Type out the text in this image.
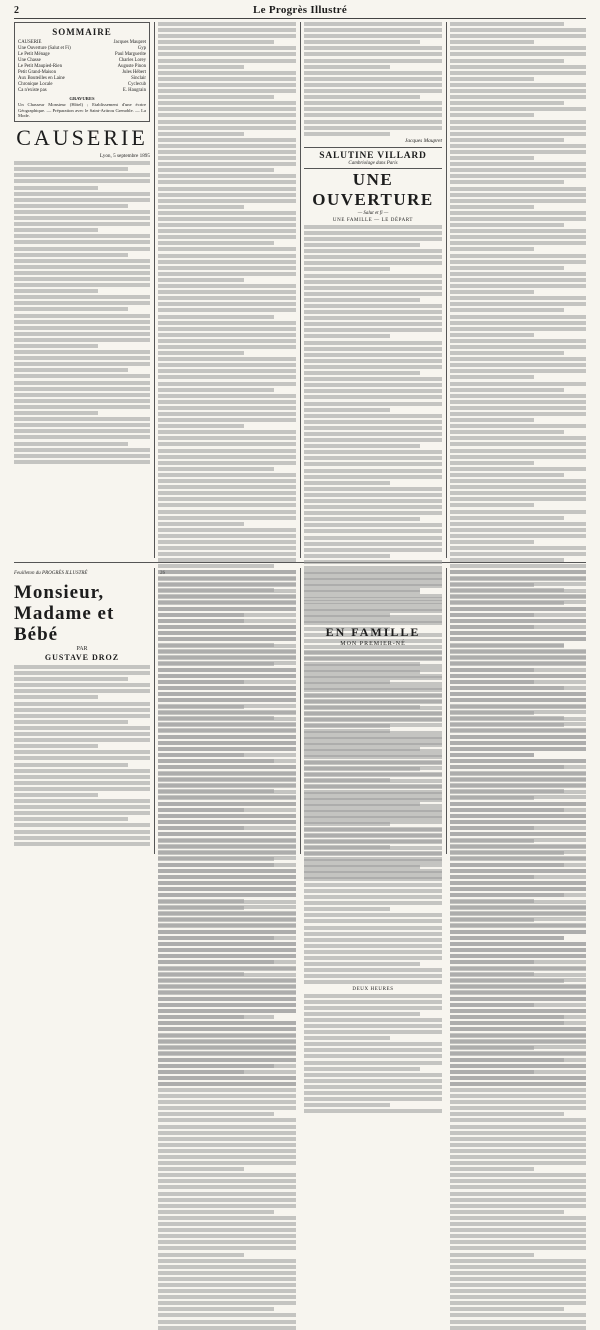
2	Le Progrès Illustré
SOMMAIRE
CAUSERIE	Jacques Maupret
Une Ouverture (Salut et Fi)	Gyp
Le Petit Ménage	Paul Marguerite
Une Chasse	Charles Lorey
Le Petit Maupied-Rien	Auguste Pinon
Petit Grand-Maison	Jules Hébert
Aux Bouteilles en Laine	Sinclair
Chronique Locale	Cyclecub
Ca n'existe pas	E. Haugrain
GRAVURES
Un Chasseur Monsieur (Hôtel) ; Etablissement d'une écrire Géographique. — Préparation avec le Saint-Aritrou Grenoble. — La Mode.
CAUSERIE
Lyon, 5 septembre 1895
Jacques Maupret
SALUTINE VILLARD
Cambriolage dans Paris
UNE OUVERTURE
— Salut et fi —
UNE FAMILLE — LE DÉPART
DEUX HEURES
Feuilleton du PROGRÈS ILLUSTRÉ
Monsieur,
Madame et Bébé
PAR
GUSTAVE DROZ
EN FAMILLE
MON PREMIER-NÉ
